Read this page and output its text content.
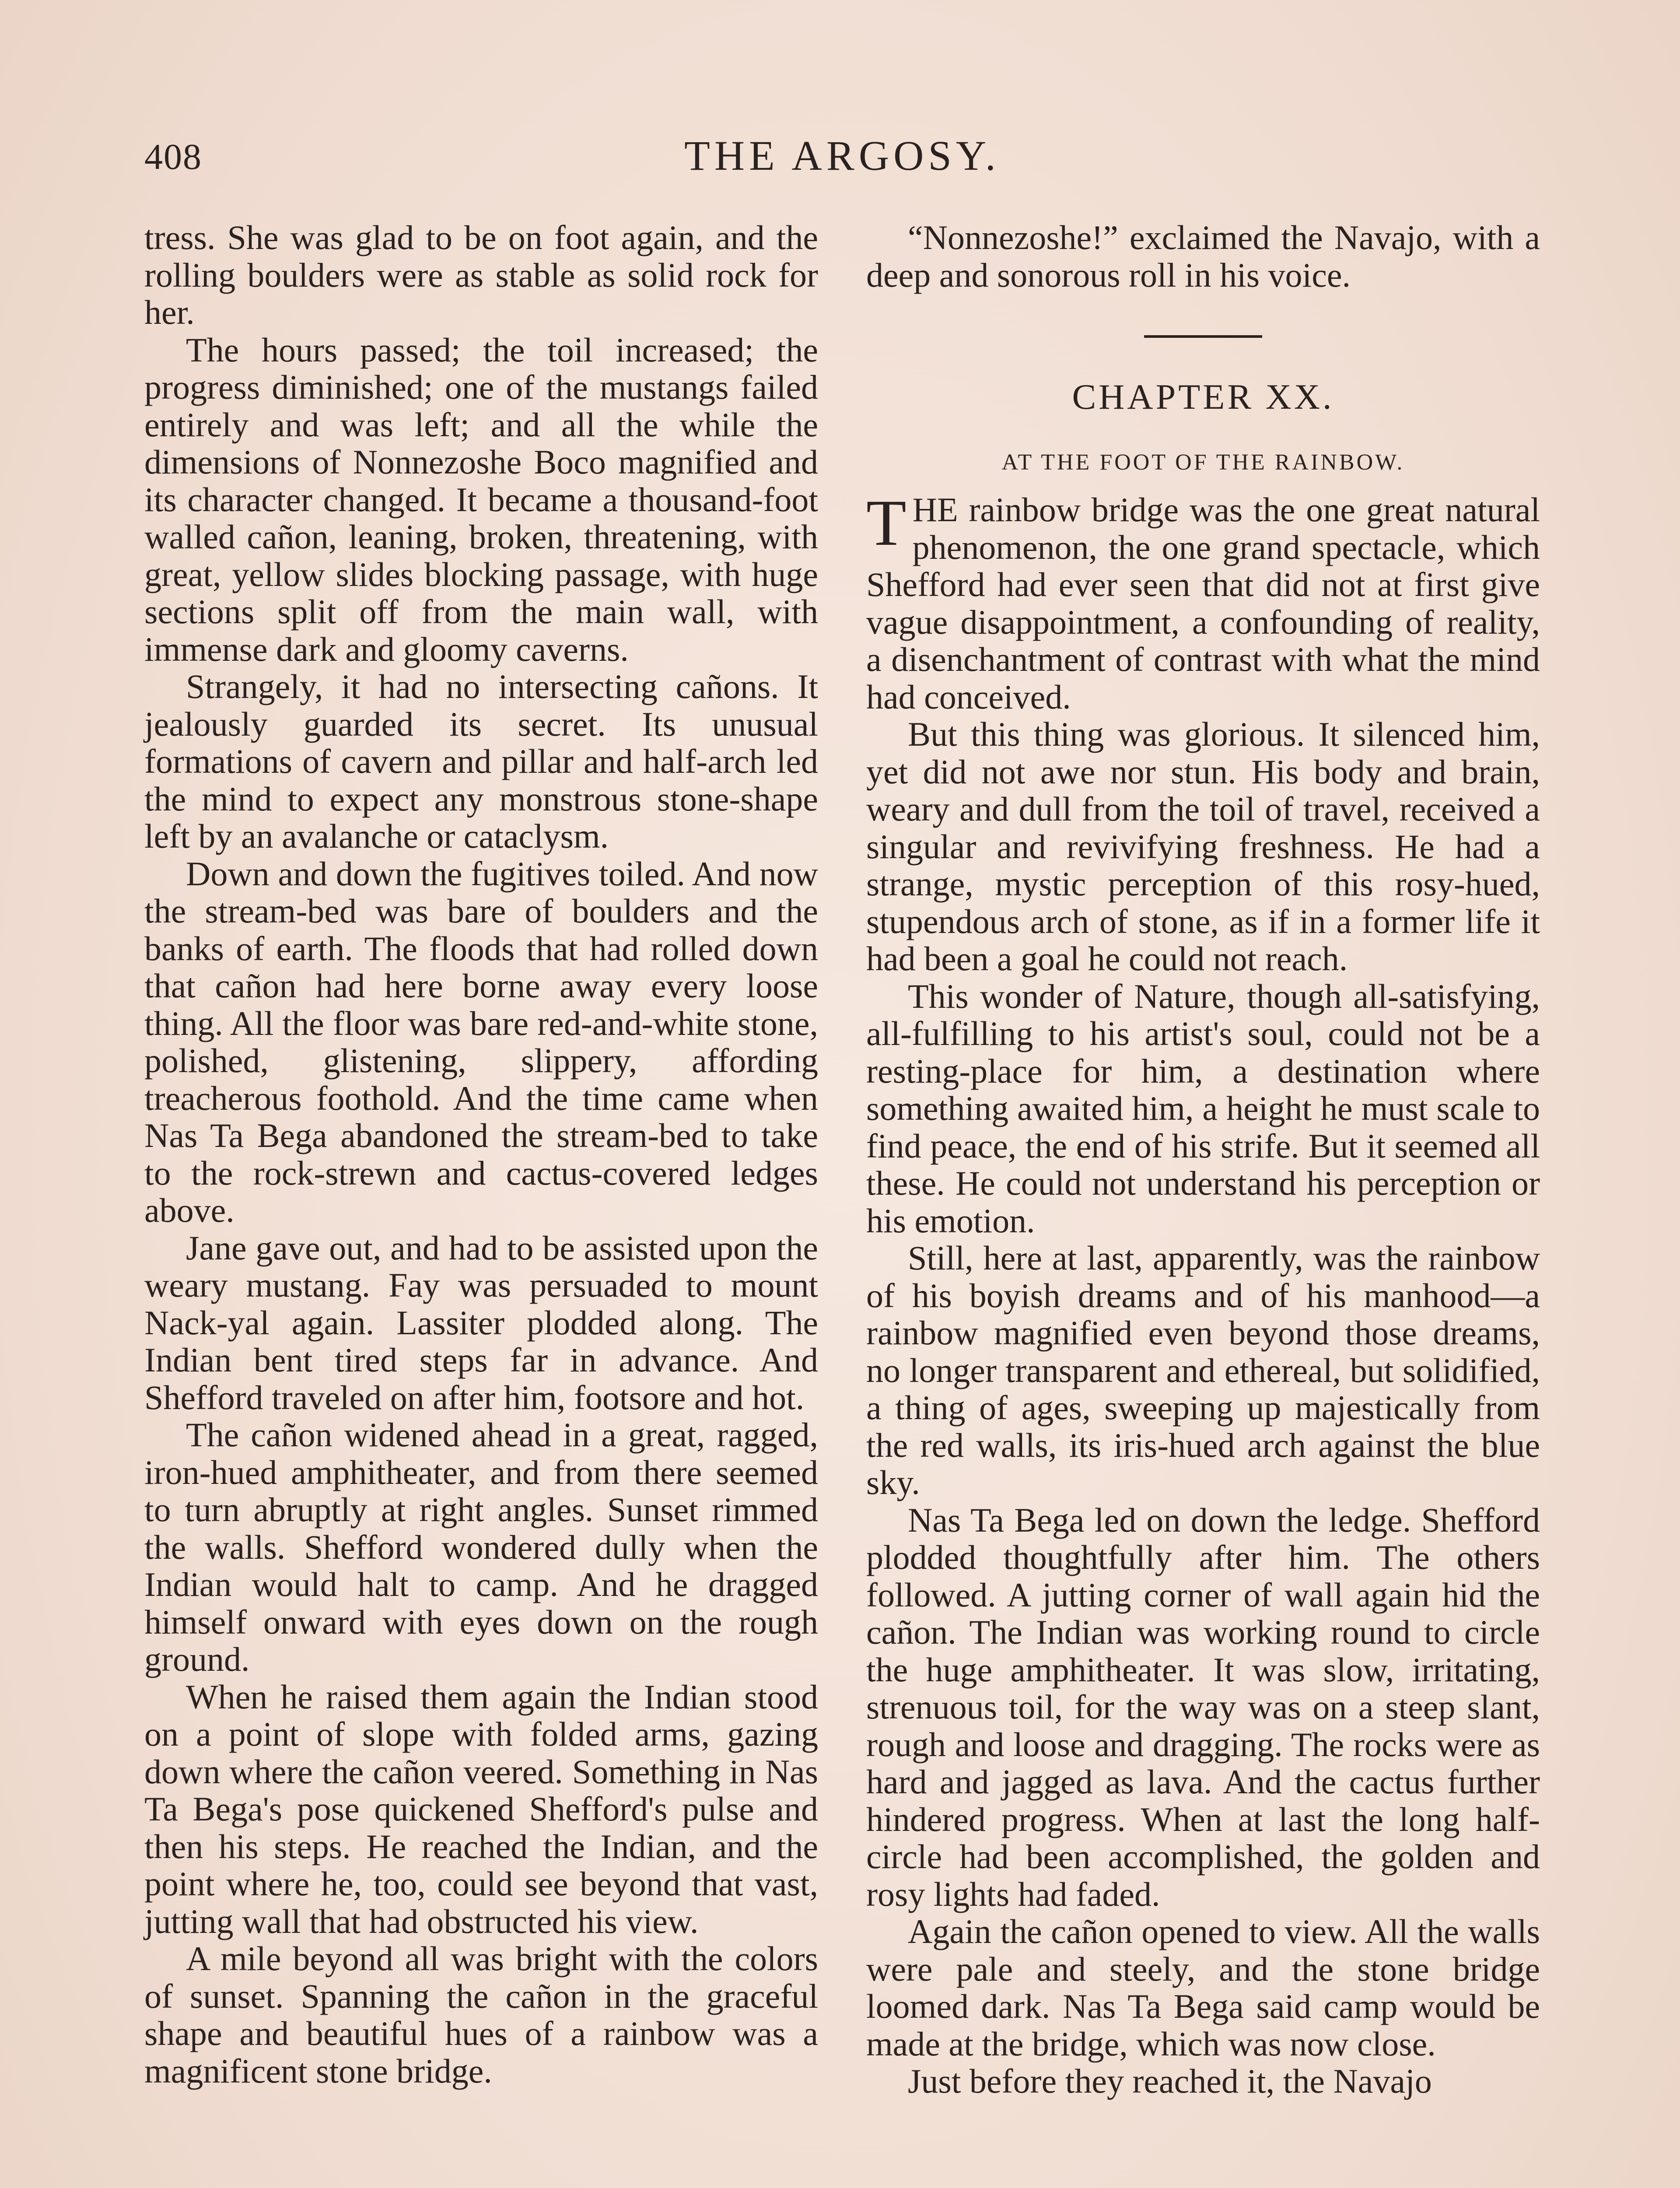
408	THE ARGOSY.

tress. She was glad to be on foot again, and the rolling boulders were as stable as solid rock for her.

The hours passed; the toil increased; the progress diminished; one of the mustangs failed entirely and was left; and all the while the dimensions of Nonnezoshe Boco magnified and its character changed. It became a thousand-foot walled cañon, leaning, broken, threatening, with great, yellow slides blocking passage, with huge sections split off from the main wall, with immense dark and gloomy caverns.

Strangely, it had no intersecting cañons. It jealously guarded its secret. Its unusual formations of cavern and pillar and half-arch led the mind to expect any monstrous stone-shape left by an avalanche or cataclysm.

Down and down the fugitives toiled. And now the stream-bed was bare of boulders and the banks of earth. The floods that had rolled down that cañon had here borne away every loose thing. All the floor was bare red-and-white stone, polished, glistening, slippery, affording treacherous foothold. And the time came when Nas Ta Bega abandoned the stream-bed to take to the rock-strewn and cactus-covered ledges above.

Jane gave out, and had to be assisted upon the weary mustang. Fay was persuaded to mount Nack-yal again. Lassiter plodded along. The Indian bent tired steps far in advance. And Shefford traveled on after him, footsore and hot.

The cañon widened ahead in a great, ragged, iron-hued amphitheater, and from there seemed to turn abruptly at right angles. Sunset rimmed the walls. Shefford wondered dully when the Indian would halt to camp. And he dragged himself onward with eyes down on the rough ground.

When he raised them again the Indian stood on a point of slope with folded arms, gazing down where the cañon veered. Something in Nas Ta Bega's pose quickened Shefford's pulse and then his steps. He reached the Indian, and the point where he, too, could see beyond that vast, jutting wall that had obstructed his view.

A mile beyond all was bright with the colors of sunset. Spanning the cañon in the graceful shape and beautiful hues of a rainbow was a magnificent stone bridge.

“Nonnezoshe!” exclaimed the Navajo, with a deep and sonorous roll in his voice.

CHAPTER XX.
AT THE FOOT OF THE RAINBOW.

THE rainbow bridge was the one great natural phenomenon, the one grand spectacle, which Shefford had ever seen that did not at first give vague disappointment, a confounding of reality, a disenchantment of contrast with what the mind had conceived.

But this thing was glorious. It silenced him, yet did not awe nor stun. His body and brain, weary and dull from the toil of travel, received a singular and revivifying freshness. He had a strange, mystic perception of this rosy-hued, stupendous arch of stone, as if in a former life it had been a goal he could not reach.

This wonder of Nature, though all-satisfying, all-fulfilling to his artist's soul, could not be a resting-place for him, a destination where something awaited him, a height he must scale to find peace, the end of his strife. But it seemed all these. He could not understand his perception or his emotion.

Still, here at last, apparently, was the rainbow of his boyish dreams and of his manhood—a rainbow magnified even beyond those dreams, no longer transparent and ethereal, but solidified, a thing of ages, sweeping up majestically from the red walls, its iris-hued arch against the blue sky.

Nas Ta Bega led on down the ledge. Shefford plodded thoughtfully after him. The others followed. A jutting corner of wall again hid the cañon. The Indian was working round to circle the huge amphitheater. It was slow, irritating, strenuous toil, for the way was on a steep slant, rough and loose and dragging. The rocks were as hard and jagged as lava. And the cactus further hindered progress. When at last the long half-circle had been accomplished, the golden and rosy lights had faded.

Again the cañon opened to view. All the walls were pale and steely, and the stone bridge loomed dark. Nas Ta Bega said camp would be made at the bridge, which was now close.

Just before they reached it, the Navajo
